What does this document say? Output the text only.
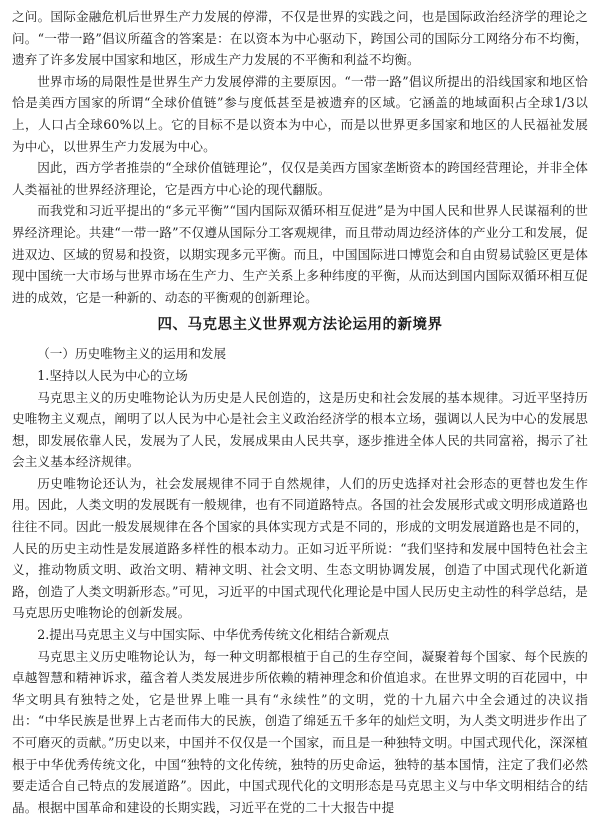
之问。国际金融危机后世界生产力发展的停滞，不仅是世界的实践之问，也是国际政治经济学的理论之问。“一带一路”倡议所蕴含的答案是：在以资本为中心驱动下，跨国公司的国际分工网络分布不均衡，遗弃了许多发展中国家和地区，形成生产力发展的不平衡和利益不均衡。

世界市场的局限性是世界生产力发展停滞的主要原因。“一带一路”倡议所提出的沿线国家和地区恰恰是美西方国家的所谓“全球价值链”参与度低甚至是被遗弃的区域。它涵盖的地域面积占全球1/3以上，人口占全球60%以上。它的目标不是以资本为中心，而是以世界更多国家和地区的人民福祉发展为中心，以世界生产力发展为中心。

因此，西方学者推崇的“全球价值链理论”，仅仅是美西方国家垄断资本的跨国经营理论，并非全体人类福祉的世界经济理论，它是西方中心论的现代翻版。

而我党和习近平提出的“多元平衡”“国内国际双循环相互促进”是为中国人民和世界人民谋福利的世界经济理论。共建“一带一路”不仅遵从国际分工客观规律，而且带动周边经济体的产业分工和发展，促进双边、区域的贸易和投资，以期实现多元平衡。而且，中国国际进口博览会和自由贸易试验区更是体现中国统一大市场与世界市场在生产力、生产关系上多种纬度的平衡，从而达到国内国际双循环相互促进的成效，它是一种新的、动态的平衡观的创新理论。

四、马克思主义世界观方法论运用的新境界

（一）历史唯物主义的运用和发展

1.坚持以人民为中心的立场

马克思主义的历史唯物论认为历史是人民创造的，这是历史和社会发展的基本规律。习近平坚持历史唯物主义观点，阐明了以人民为中心是社会主义政治经济学的根本立场，强调以人民为中心的发展思想，即发展依靠人民，发展为了人民，发展成果由人民共享，逐步推进全体人民的共同富裕，揭示了社会主义基本经济规律。

历史唯物论还认为，社会发展规律不同于自然规律，人们的历史选择对社会形态的更替也发生作用。因此，人类文明的发展既有一般规律，也有不同道路特点。各国的社会发展形式或文明形成道路也往往不同。因此一般发展规律在各个国家的具体实现方式是不同的，形成的文明发展道路也是不同的，人民的历史主动性是发展道路多样性的根本动力。正如习近平所说：“我们坚持和发展中国特色社会主义，推动物质文明、政治文明、精神文明、社会文明、生态文明协调发展，创造了中国式现代化新道路，创造了人类文明新形态。”可见，习近平的中国式现代化理论是中国人民历史主动性的科学总结，是马克思历史唯物论的创新发展。

2.提出马克思主义与中国实际、中华优秀传统文化相结合新观点

马克思主义历史唯物论认为，每一种文明都根植于自己的生存空间，凝聚着每个国家、每个民族的卓越智慧和精神诉求，蕴含着人类发展进步所依赖的精神理念和价值追求。在世界文明的百花园中，中华文明具有独特之处，它是世界上唯一具有“永续性”的文明，党的十九届六中全会通过的决议指出：“中华民族是世界上古老而伟大的民族，创造了绵延五千多年的灿烂文明，为人类文明进步作出了不可磨灭的贡献。”历史以来，中国并不仅仅是一个国家，而且是一种独特文明。中国式现代化，深深植根于中华优秀传统文化，中国“独特的文化传统，独特的历史命运，独特的基本国情，注定了我们必然要走适合自己特点的发展道路”。因此，中国式现代化的文明形态是马克思主义与中华文明相结合的结晶。根据中国革命和建设的长期实践，习近平在党的二十大报告中提
